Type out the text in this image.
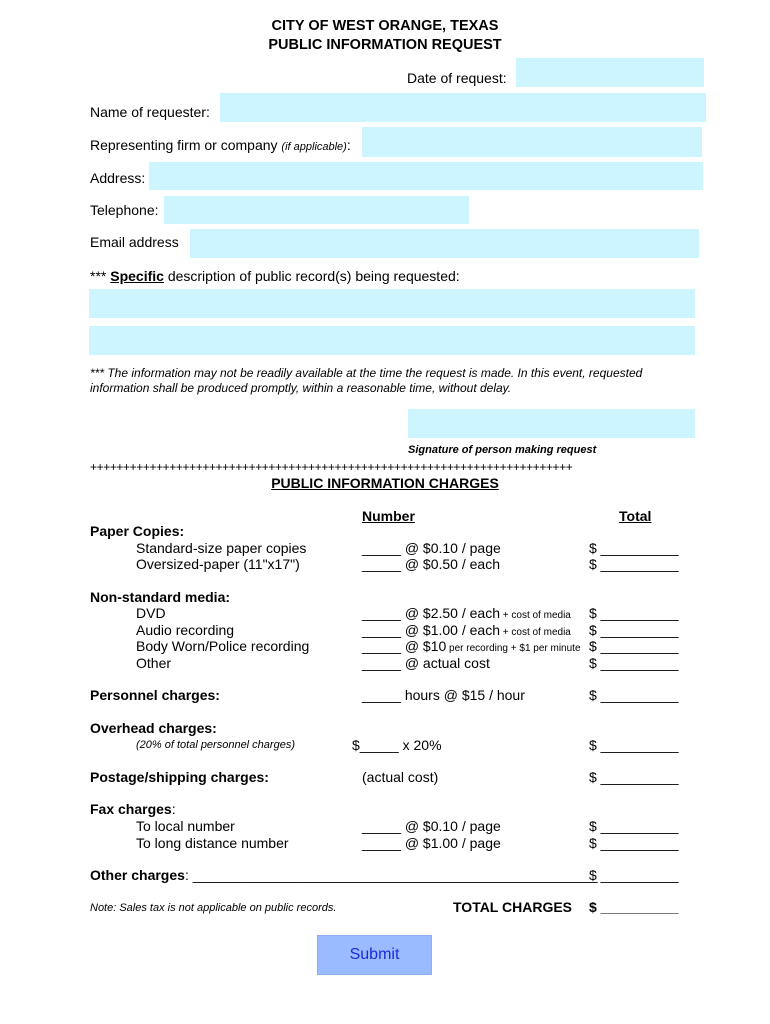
CITY OF WEST ORANGE, TEXAS
PUBLIC INFORMATION REQUEST
Date of request:
Name of requester:
Representing firm or company (if applicable):
Address:
Telephone:
Email address
*** Specific description of public record(s) being requested:
*** The information may not be readily available at the time the request is made. In this event, requested
information shall be produced promptly, within a reasonable time, without delay.
Signature of person making request
+++++++++++++++++++++++++++++++++++++++++++++++++++++++++++++++++++++++++
PUBLIC INFORMATION CHARGES
Number	Total
Paper Copies:
Standard-size paper copies	_____ @ $0.10 / page	$ __________
Oversized-paper (11"x17")	_____ @ $0.50 / each	$ __________
Non-standard media:
DVD	_____ @ $2.50 / each + cost of media $ __________
Audio recording	_____ @ $1.00 / each + cost of media $ __________
Body Worn/Police recording	_____ @ $10 per recording + $1 per minute $ __________
Other	_____ @ actual cost	$ __________
Personnel charges:	_____ hours @ $15 / hour	$ __________
Overhead charges:
(20% of total personnel charges)	$_____ x 20%	$ __________
Postage/shipping charges:	(actual cost)	$ __________
Fax charges:
To local number	_____ @ $0.10 / page	$ __________
To long distance number	_____ @ $1.00 / page	$ __________
Other charges: ____________________________________________________
$ __________
Note: Sales tax is not applicable on public records.	TOTAL CHARGES $ __________
Submit
